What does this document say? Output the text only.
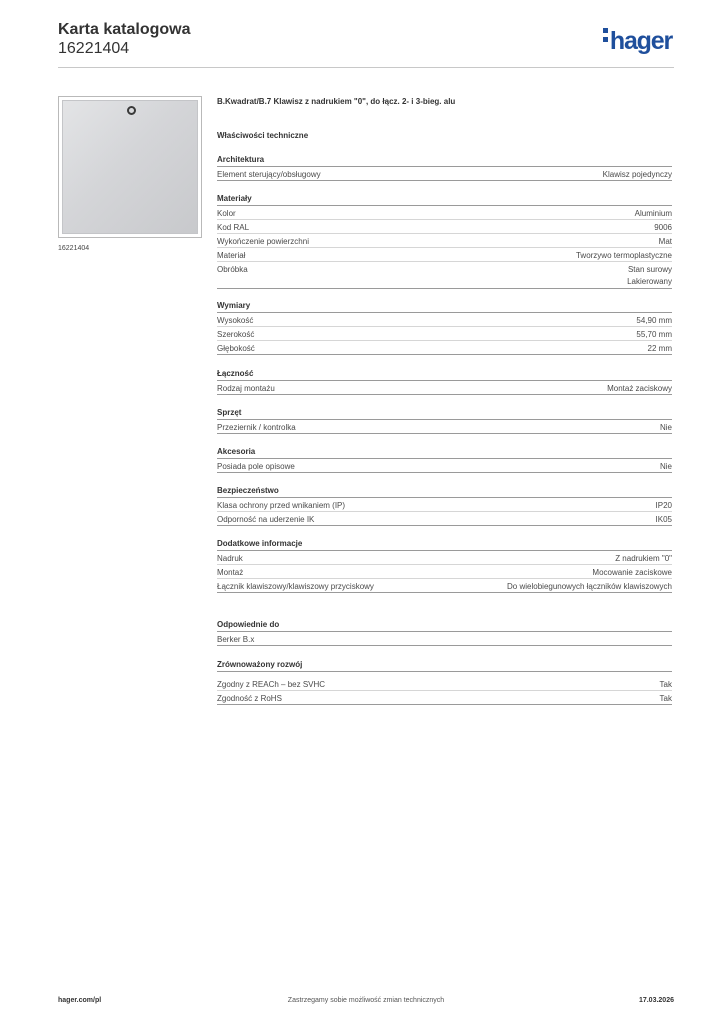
Karta katalogowa
16221404	hager
16221404
B.Kwadrat/B.7 Klawisz z nadrukiem "0", do łącz. 2- i 3-bieg. alu
Właściwości techniczne
Architektura
Element sterujący/obsługowy	Klawisz pojedynczy
Materiały
Kolor	Aluminium
Kod RAL	9006
Wykończenie powierzchni	Mat
Materiał	Tworzywo termoplastyczne
Obróbka	Stan surowy
Lakierowany
Wymiary
Wysokość	54,90 mm
Szerokość	55,70 mm
Głębokość	22 mm
Łączność
Rodzaj montażu	Montaż zaciskowy
Sprzęt
Przeziernik / kontrolka	Nie
Akcesoria
Posiada pole opisowe	Nie
Bezpieczeństwo
Klasa ochrony przed wnikaniem (IP)	IP20
Odporność na uderzenie IK	IK05
Dodatkowe informacje
Nadruk	Z nadrukiem "0"
Montaż	Mocowanie zaciskowe
Łącznik klawiszowy/klawiszowy przyciskowy	Do wielobiegunowych łączników klawiszowych
Odpowiednie do
Berker B.x
Zrównoważony rozwój
Zgodny z REACh – bez SVHC	Tak
Zgodność z RoHS	Tak
hager.com/pl	Zastrzegamy sobie możliwość zmian technicznych	17.03.2026
